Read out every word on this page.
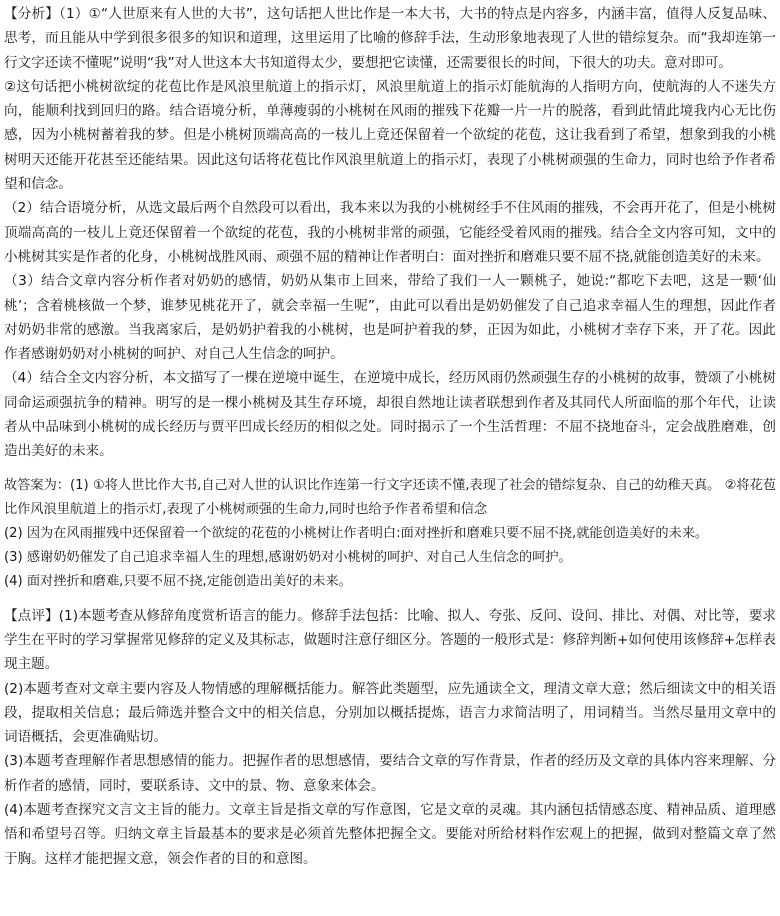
【分析】（1）①“人世原来有人世的大书”，这句话把人世比作是一本大书，大书的特点是内容多，内涵丰富，值得人反复品味、思考，而且能从中学到很多很多的知识和道理，这里运用了比喻的修辞手法，生动形象地表现了人世的错综复杂。而“我却连第一行文字还读不懂呢”说明“我”对人世这本大书知道得太少，要想把它读懂，还需要很长的时间，下很大的功夫。意对即可。

②这句话把小桃树欲绽的花苞比作是风浪里航道上的指示灯，风浪里航道上的指示灯能航海的人指明方向，使航海的人不迷失方向，能顺利找到回归的路。结合语境分析，单薄瘦弱的小桃树在风雨的摧残下花瓣一片一片的脱落，看到此情此境我内心无比伤感，因为小桃树蓄着我的梦。但是小桃树顶端高高的一枝儿上竟还保留着一个欲绽的花苞，这让我看到了希望，想象到我的小桃树明天还能开花甚至还能结果。因此这句话将花苞比作风浪里航道上的指示灯，表现了小桃树顽强的生命力，同时也给予作者希望和信念。

（2）结合语境分析，从选文最后两个自然段可以看出，我本来以为我的小桃树经手不住风雨的摧残，不会再开花了，但是小桃树顶端高高的一枝儿上竟还保留着一个欲绽的花苞，我的小桃树非常的顽强，它能经受着风雨的摧残。结合全文内容可知，文中的小桃树其实是作者的化身，小桃树战胜风雨、顽强不屈的精神让作者明白：面对挫折和磨难只要不屈不挠,就能创造美好的未来。

（3）结合文章内容分析作者对奶奶的感情，奶奶从集市上回来，带给了我们一人一颗桃子，她说:“都吃下去吧，这是一颗‘仙桃’；含着桃核做一个梦，谁梦见桃花开了，就会幸福一生呢”，由此可以看出是奶奶催发了自己追求幸福人生的理想，因此作者对奶奶非常的感激。当我离家后，是奶奶护着我的小桃树，也是呵护着我的梦，正因为如此，小桃树才幸存下来，开了花。因此作者感谢奶奶对小桃树的呵护、对自己人生信念的呵护。

（4）结合全文内容分析，本文描写了一棵在逆境中诞生，在逆境中成长，经历风雨仍然顽强生存的小桃树的故事，赞颂了小桃树同命运顽强抗争的精神。明写的是一棵小桃树及其生存环境，却很自然地让读者联想到作者及其同代人所面临的那个年代，让读者从中品味到小桃树的成长经历与贾平凹成长经历的相似之处。同时揭示了一个生活哲理：不屈不挠地奋斗，定会战胜磨难，创造出美好的未来。

故答案为：(1) ①将人世比作大书,自己对人世的认识比作连第一行文字还读不懂,表现了社会的错综复杂、自己的幼稚天真。 ②将花苞比作风浪里航道上的指示灯,表现了小桃树顽强的生命力,同时也给予作者希望和信念

(2) 因为在风雨摧残中还保留着一个欲绽的花苞的小桃树让作者明白:面对挫折和磨难只要不屈不挠,就能创造美好的未来。

(3) 感谢奶奶催发了自己追求幸福人生的理想,感谢奶奶对小桃树的呵护、对自己人生信念的呵护。

(4) 面对挫折和磨难,只要不屈不挠,定能创造出美好的未来。

【点评】(1)本题考查从修辞角度赏析语言的能力。修辞手法包括：比喻、拟人、夸张、反问、设问、排比、对偶、对比等，要求学生在平时的学习掌握常见修辞的定义及其标志，做题时注意仔细区分。答题的一般形式是：修辞判断+如何使用该修辞+怎样表现主题。

(2)本题考查对文章主要内容及人物情感的理解概括能力。解答此类题型，应先通读全文，理清文章大意；然后细读文中的相关语段，提取相关信息；最后筛选并整合文中的相关信息，分别加以概括提炼，语言力求简洁明了，用词精当。当然尽量用文章中的词语概括，会更准确贴切。

(3)本题考查理解作者思想感情的能力。把握作者的思想感情，要结合文章的写作背景，作者的经历及文章的具体内容来理解、分析作者的感情，同时，要联系诗、文中的景、物、意象来体会。

(4)本题考查探究文言文主旨的能力。文章主旨是指文章的写作意图，它是文章的灵魂。其内涵包括情感态度、精神品质、道理感悟和希望号召等。归纳文章主旨最基本的要求是必须首先整体把握全文。要能对所给材料作宏观上的把握，做到对整篇文章了然于胸。这样才能把握文意，领会作者的目的和意图。
